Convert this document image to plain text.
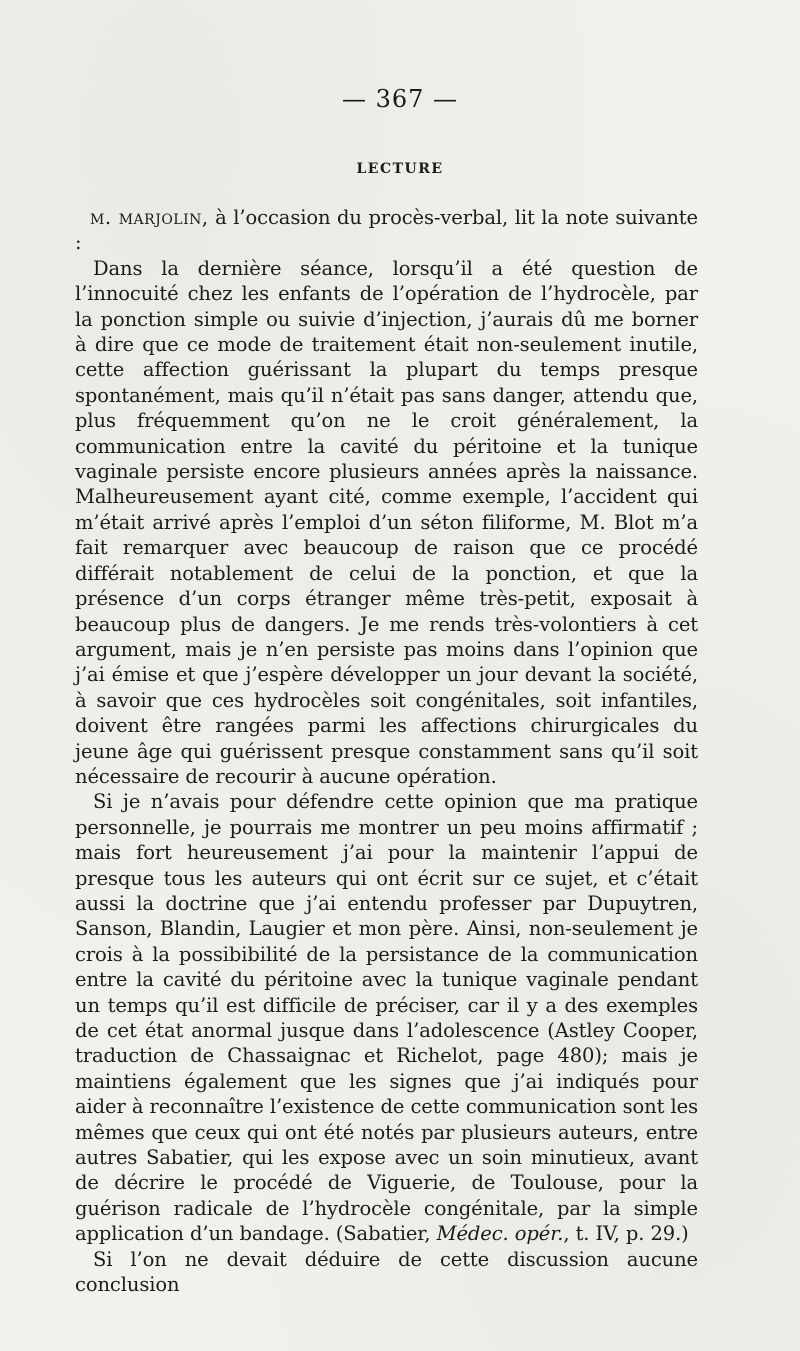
— 367 —
LECTURE

m. marjolin, à l’occasion du procès-verbal, lit la note suivante :

Dans la dernière séance, lorsqu’il a été question de l’innocuité chez les enfants de l’opération de l’hydrocèle, par la ponction simple ou suivie d’injection, j’aurais dû me borner à dire que ce mode de traitement était non-seulement inutile, cette affection guérissant la plupart du temps presque spontanément, mais qu’il n’était pas sans danger, attendu que, plus fréquemment qu’on ne le croit généralement, la communication entre la cavité du péritoine et la tunique vaginale persiste encore plusieurs années après la naissance. Malheureusement ayant cité, comme exemple, l’accident qui m’était arrivé après l’emploi d’un séton filiforme, M. Blot m’a fait remarquer avec beaucoup de raison que ce procédé différait notablement de celui de la ponction, et que la présence d’un corps étranger même très-petit, exposait à beaucoup plus de dangers. Je me rends très-volontiers à cet argument, mais je n’en persiste pas moins dans l’opinion que j’ai émise et que j’espère développer un jour devant la société, à savoir que ces hydrocèles soit congénitales, soit infantiles, doivent être rangées parmi les affections chirurgicales du jeune âge qui guérissent presque constamment sans qu’il soit nécessaire de recourir à aucune opération.

Si je n’avais pour défendre cette opinion que ma pratique personnelle, je pourrais me montrer un peu moins affirmatif ; mais fort heureusement j’ai pour la maintenir l’appui de presque tous les auteurs qui ont écrit sur ce sujet, et c’était aussi la doctrine que j’ai entendu professer par Dupuytren, Sanson, Blandin, Laugier et mon père. Ainsi, non-seulement je crois à la possibibilité de la persistance de la communication entre la cavité du péritoine avec la tunique vaginale pendant un temps qu’il est difficile de préciser, car il y a des exemples de cet état anormal jusque dans l’adolescence (Astley Cooper, traduction de Chassaignac et Richelot, page 480); mais je maintiens également que les signes que j’ai indiqués pour aider à reconnaître l’existence de cette communication sont les mêmes que ceux qui ont été notés par plusieurs auteurs, entre autres Sabatier, qui les expose avec un soin minutieux, avant de décrire le procédé de Viguerie, de Toulouse, pour la guérison radicale de l’hydrocèle congénitale, par la simple application d’un bandage. (Sabatier, Médec. opér., t. IV, p. 29.)

Si l’on ne devait déduire de cette discussion aucune conclusion
